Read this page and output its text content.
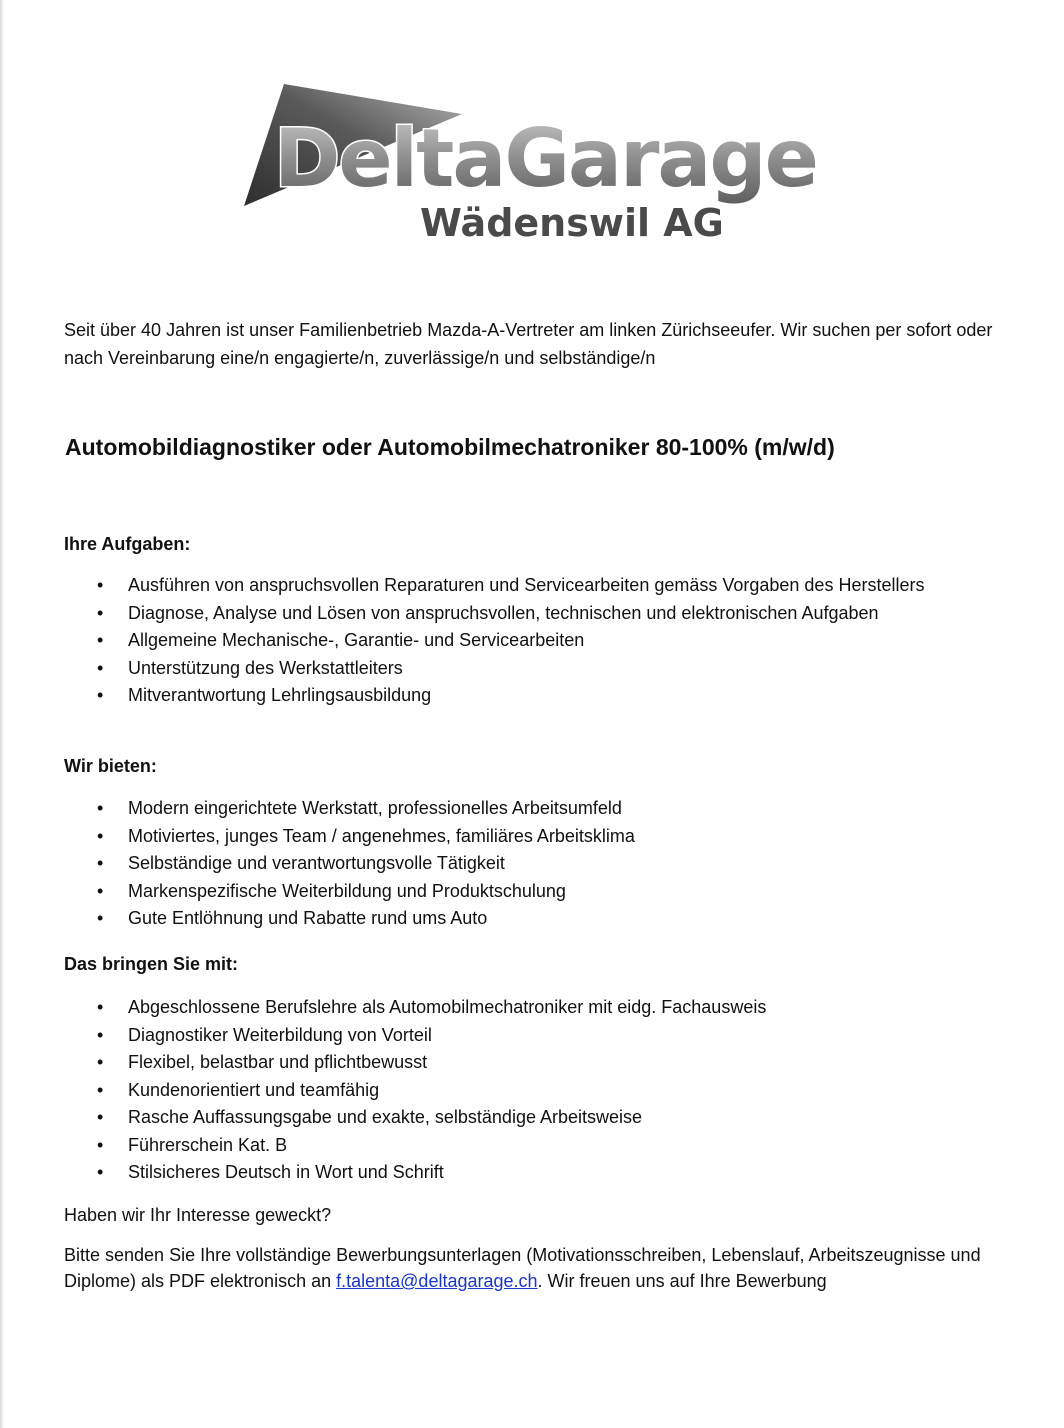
DeltaGarage
Wädenswil AG

Seit über 40 Jahren ist unser Familienbetrieb Mazda-A-Vertreter am linken Zürichseeufer. Wir suchen per sofort oder nach Vereinbarung eine/n engagierte/n, zuverlässige/n und selbständige/n

Automobildiagnostiker oder Automobilmechatroniker 80-100% (m/w/d)
Ihre Aufgaben:
• Ausführen von anspruchsvollen Reparaturen und Servicearbeiten gemäss Vorgaben des Herstellers
• Diagnose, Analyse und Lösen von anspruchsvollen, technischen und elektronischen Aufgaben
• Allgemeine Mechanische-, Garantie- und Servicearbeiten
• Unterstützung des Werkstattleiters
• Mitverantwortung Lehrlingsausbildung
Wir bieten:
• Modern eingerichtete Werkstatt, professionelles Arbeitsumfeld
• Motiviertes, junges Team / angenehmes, familiäres Arbeitsklima
• Selbständige und verantwortungsvolle Tätigkeit
• Markenspezifische Weiterbildung und Produktschulung
• Gute Entlöhnung und Rabatte rund ums Auto
Das bringen Sie mit:
• Abgeschlossene Berufslehre als Automobilmechatroniker mit eidg. Fachausweis
• Diagnostiker Weiterbildung von Vorteil
• Flexibel, belastbar und pflichtbewusst
• Kundenorientiert und teamfähig
• Rasche Auffassungsgabe und exakte, selbständige Arbeitsweise
• Führerschein Kat. B
• Stilsicheres Deutsch in Wort und Schrift

Haben wir Ihr Interesse geweckt?

Bitte senden Sie Ihre vollständige Bewerbungsunterlagen (Motivationsschreiben, Lebenslauf, Arbeitszeugnisse und Diplome) als PDF elektronisch an f.talenta@deltagarage.ch. Wir freuen uns auf Ihre Bewerbung
